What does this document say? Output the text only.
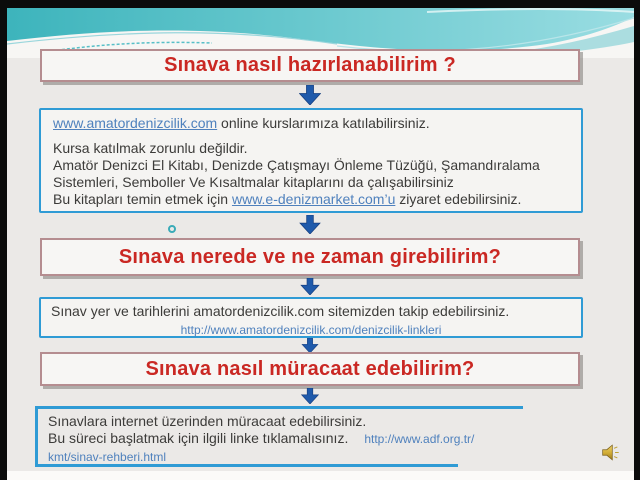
Sınava nasıl hazırlanabilirim ?
www.amatordenizcilik.com online kurslarımıza katılabilirsiniz.
Kursa katılmak zorunlu değildir.
Amatör Denizci El Kitabı, Denizde Çatışmayı Önleme Tüzüğü, Şamandıralama
Sistemleri, Semboller Ve Kısaltmalar kitaplarını da çalışabilirsiniz
Bu kitapları temin etmek için www.e-denizmarket.com’u ziyaret edebilirsiniz.
Sınava nerede ve ne zaman girebilirim?
Sınav yer ve tarihlerini amatordenizcilik.com sitemizden takip edebilirsiniz.
http://www.amatordenizcilik.com/denizcilik-linkleri
Sınava nasıl müracaat edebilirim?
Sınavlara internet üzerinden müracaat edebilirsiniz.
Bu süreci başlatmak için ilgili linke tıklamalısınız. http://www.adf.org.tr/
kmt/sinav-rehberi.html
